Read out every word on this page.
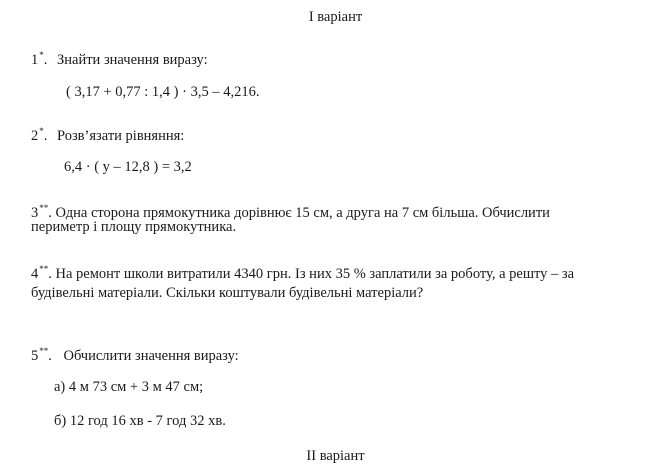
I варіант
1*. Знайти значення виразу:
( 3,17 + 0,77 : 1,4 ) · 3,5 – 4,216.
2*. Розв’язати рівняння:
6,4 · ( у – 12,8 ) = 3,2
3**. Одна сторона прямокутника дорівнює 15 см, а друга на 7 см більша. Обчислити
периметр і площу прямокутника.
4**. На ремонт школи витратили 4340 грн. Із них 35 % заплатили за роботу, а решту – за
будівельні матеріали. Скільки коштували будівельні матеріали?
5**. Обчислити значення виразу:
а) 4 м 73 см + 3 м 47 см;
б) 12 год 16 хв - 7 год 32 хв.
II варіант
